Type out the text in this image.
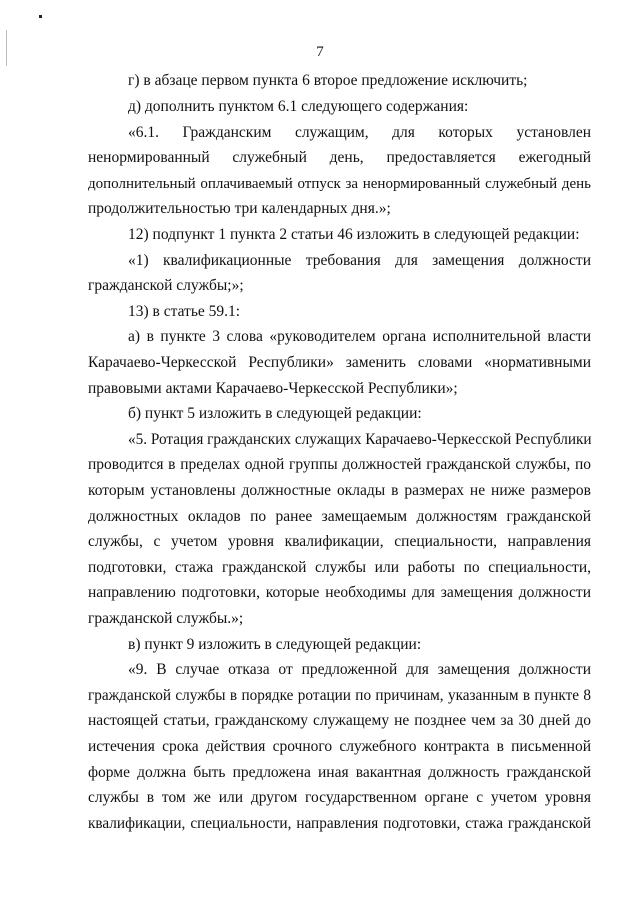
7
г) в абзаце первом пункта 6 второе предложение исключить;
д) дополнить пунктом 6.1 следующего содержания:
«6.1. Гражданским служащим, для которых установлен
ненормированный служебный день, предоставляется ежегодный
дополнительный оплачиваемый отпуск за ненормированный служебный день
продолжительностью три календарных дня.»;
12) подпункт 1 пункта 2 статьи 46 изложить в следующей редакции:
«1) квалификационные требования для замещения должности
гражданской службы;»;
13) в статье 59.1:
а) в пункте 3 слова «руководителем органа исполнительной власти
Карачаево-Черкесской Республики» заменить словами «нормативными
правовыми актами Карачаево-Черкесской Республики»;
б) пункт 5 изложить в следующей редакции:
«5. Ротация гражданских служащих Карачаево-Черкесской Республики
проводится в пределах одной группы должностей гражданской службы, по
которым установлены должностные оклады в размерах не ниже размеров
должностных окладов по ранее замещаемым должностям гражданской
службы, с учетом уровня квалификации, специальности, направления
подготовки, стажа гражданской службы или работы по специальности,
направлению подготовки, которые необходимы для замещения должности
гражданской службы.»;
в) пункт 9 изложить в следующей редакции:
«9. В случае отказа от предложенной для замещения должности
гражданской службы в порядке ротации по причинам, указанным в пункте 8
настоящей статьи, гражданскому служащему не позднее чем за 30 дней до
истечения срока действия срочного служебного контракта в письменной
форме должна быть предложена иная вакантная должность гражданской
службы в том же или другом государственном органе с учетом уровня
квалификации, специальности, направления подготовки, стажа гражданской
